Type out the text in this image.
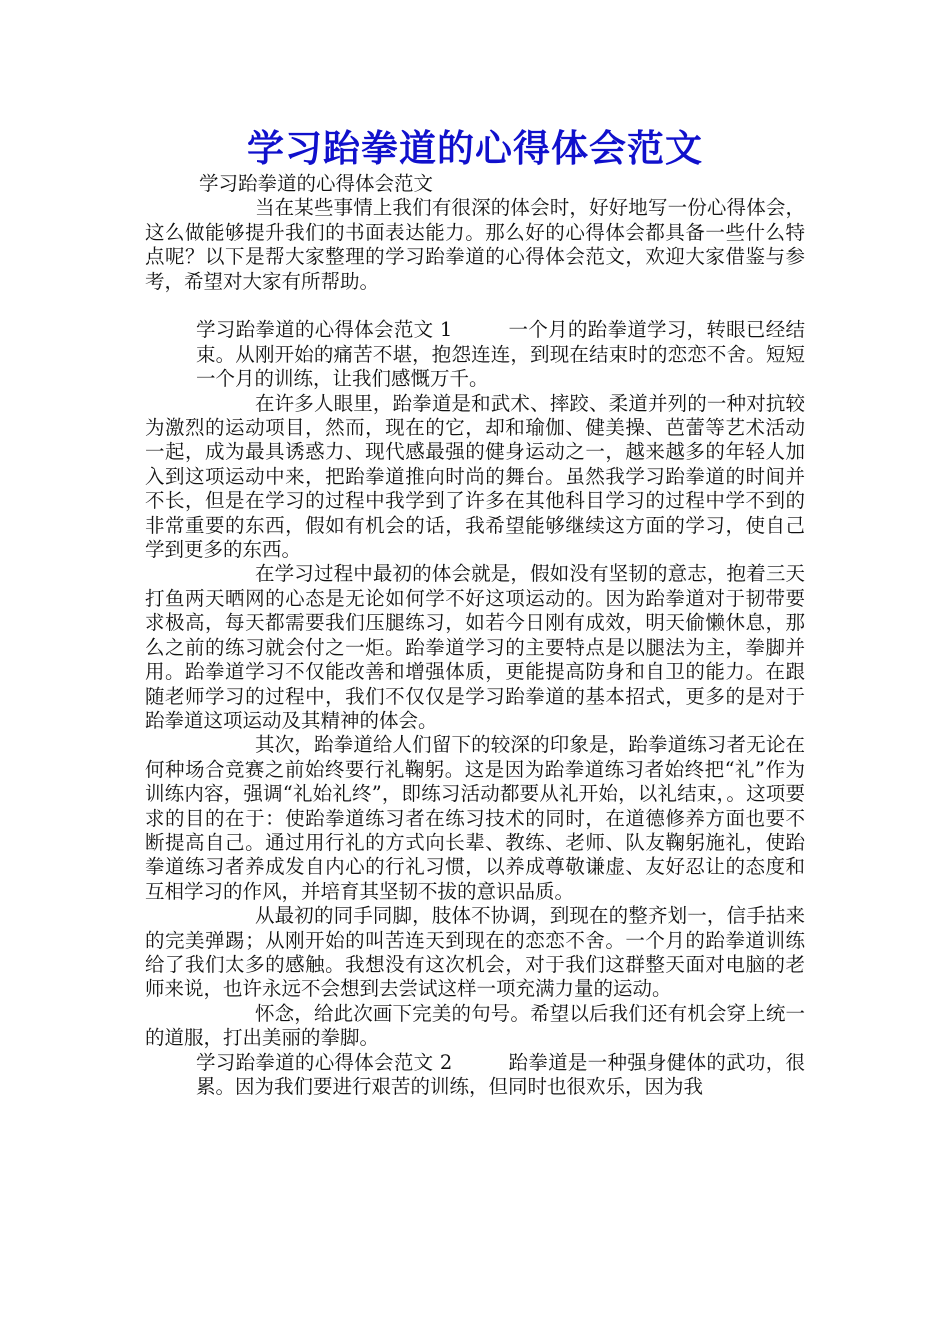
学习跆拳道的心得体会范文

学习跆拳道的心得体会范文

当在某些事情上我们有很深的体会时，好好地写一份心得体会，这么做能够提升我们的书面表达能力。那么好的心得体会都具备一些什么特点呢？以下是帮大家整理的学习跆拳道的心得体会范文，欢迎大家借鉴与参考，希望对大家有所帮助。

学习跆拳道的心得体会范文 1	一个月的跆拳道学习，转眼已经结束。从刚开始的痛苦不堪，抱怨连连，到现在结束时的恋恋不舍。短短一个月的训练，让我们感慨万千。

在许多人眼里，跆拳道是和武术、摔跤、柔道并列的一种对抗较为激烈的运动项目，然而，现在的它，却和瑜伽、健美操、芭蕾等艺术活动一起，成为最具诱惑力、现代感最强的健身运动之一，越来越多的年轻人加入到这项运动中来，把跆拳道推向时尚的舞台。虽然我学习跆拳道的时间并不长，但是在学习的过程中我学到了许多在其他科目学习的过程中学不到的非常重要的东西，假如有机会的话，我希望能够继续这方面的学习，使自己学到更多的东西。

在学习过程中最初的体会就是，假如没有坚韧的意志，抱着三天打鱼两天晒网的心态是无论如何学不好这项运动的。因为跆拳道对于韧带要求极高，每天都需要我们压腿练习，如若今日刚有成效，明天偷懒休息，那么之前的练习就会付之一炬。跆拳道学习的主要特点是以腿法为主，拳脚并用。跆拳道学习不仅能改善和增强体质，更能提高防身和自卫的能力。在跟随老师学习的过程中，我们不仅仅是学习跆拳道的基本招式，更多的是对于跆拳道这项运动及其精神的体会。

其次，跆拳道给人们留下的较深的印象是，跆拳道练习者无论在何种场合竞赛之前始终要行礼鞠躬。这是因为跆拳道练习者始终把“礼”作为训练内容，强调“礼始礼终”，即练习活动都要从礼开始，以礼结束，。这项要求的目的在于：使跆拳道练习者在练习技术的同时，在道德修养方面也要不断提高自己。通过用行礼的方式向长辈、教练、老师、队友鞠躬施礼，使跆拳道练习者养成发自内心的行礼习惯，以养成尊敬谦虚、友好忍让的态度和互相学习的作风，并培育其坚韧不拔的意识品质。

从最初的同手同脚，肢体不协调，到现在的整齐划一，信手拈来的完美弹踢；从刚开始的叫苦连天到现在的恋恋不舍。一个月的跆拳道训练给了我们太多的感触。我想没有这次机会，对于我们这群整天面对电脑的老师来说，也许永远不会想到去尝试这样一项充满力量的运动。

怀念，给此次画下完美的句号。希望以后我们还有机会穿上统一的道服，打出美丽的拳脚。

学习跆拳道的心得体会范文 2	跆拳道是一种强身健体的武功，很累。因为我们要进行艰苦的训练，但同时也很欢乐，因为我
